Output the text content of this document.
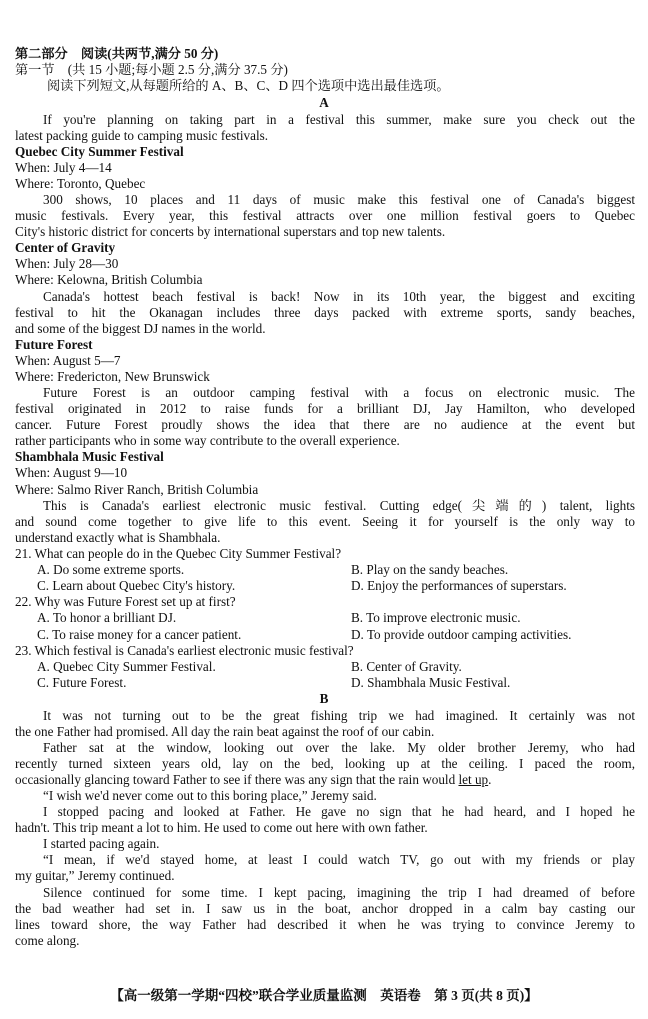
第二部分　阅读(共两节,满分 50 分)
第一节　(共 15 小题;每小题 2.5 分,满分 37.5 分)
阅读下列短文,从每题所给的 A、B、C、D 四个选项中选出最佳选项。
A
If you're planning on taking part in a festival this summer, make sure you check out the
latest packing guide to camping music festivals.
Quebec City Summer Festival
When: July 4—14
Where: Toronto, Quebec
300 shows, 10 places and 11 days of music make this festival one of Canada's biggest
music festivals. Every year, this festival attracts over one million festival goers to Quebec
City's historic district for concerts by international superstars and top new talents.
Center of Gravity
When: July 28—30
Where: Kelowna, British Columbia
Canada's hottest beach festival is back! Now in its 10th year, the biggest and exciting
festival to hit the Okanagan includes three days packed with extreme sports, sandy beaches,
and some of the biggest DJ names in the world.
Future Forest
When: August 5—7
Where: Fredericton, New Brunswick
Future Forest is an outdoor camping festival with a focus on electronic music. The
festival originated in 2012 to raise funds for a brilliant DJ, Jay Hamilton, who developed
cancer. Future Forest proudly shows the idea that there are no audience at the event but
rather participants who in some way contribute to the overall experience.
Shambhala Music Festival
When: August 9—10
Where: Salmo River Ranch, British Columbia
This is Canada's earliest electronic music festival. Cutting edge(尖端的) talent, lights
and sound come together to give life to this event. Seeing it for yourself is the only way to
understand exactly what is Shambhala.
21. What can people do in the Quebec City Summer Festival?
A. Do some extreme sports.	B. Play on the sandy beaches.
C. Learn about Quebec City's history.	D. Enjoy the performances of superstars.
22. Why was Future Forest set up at first?
A. To honor a brilliant DJ.	B. To improve electronic music.
C. To raise money for a cancer patient.	D. To provide outdoor camping activities.
23. Which festival is Canada's earliest electronic music festival?
A. Quebec City Summer Festival.	B. Center of Gravity.
C. Future Forest.	D. Shambhala Music Festival.
B
It was not turning out to be the great fishing trip we had imagined. It certainly was not
the one Father had promised. All day the rain beat against the roof of our cabin.
Father sat at the window, looking out over the lake. My older brother Jeremy, who had
recently turned sixteen years old, lay on the bed, looking up at the ceiling. I paced the room,
occasionally glancing toward Father to see if there was any sign that the rain would let up.
“I wish we'd never come out to this boring place,” Jeremy said.
I stopped pacing and looked at Father. He gave no sign that he had heard, and I hoped he
hadn't. This trip meant a lot to him. He used to come out here with own father.
I started pacing again.
“I mean, if we'd stayed home, at least I could watch TV, go out with my friends or play
my guitar,” Jeremy continued.
Silence continued for some time. I kept pacing, imagining the trip I had dreamed of before
the bad weather had set in. I saw us in the boat, anchor dropped in a calm bay casting our
lines toward shore, the way Father had described it when he was trying to convince Jeremy to
come along.
【高一级第一学期“四校”联合学业质量监测　英语卷　第 3 页(共 8 页)】
